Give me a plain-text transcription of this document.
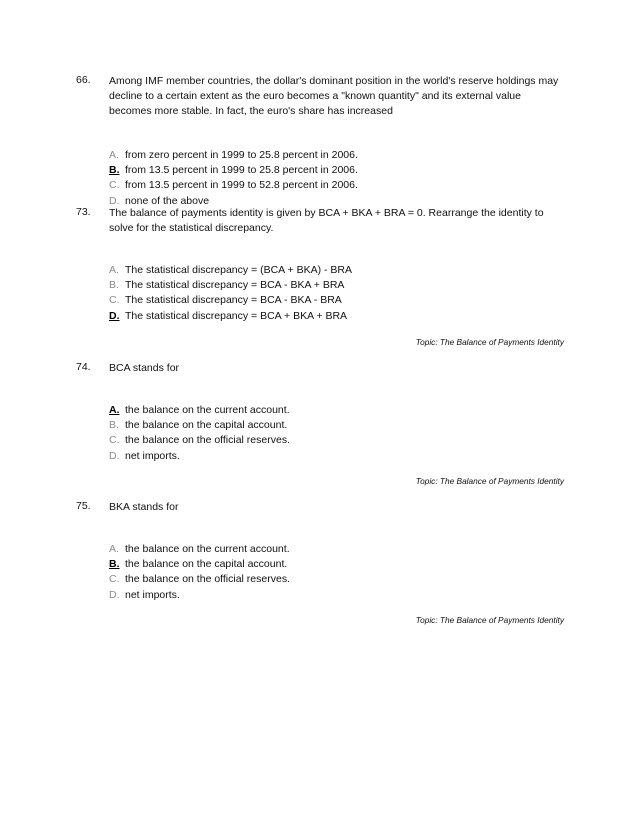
66. Among IMF member countries, the dollar's dominant position in the world's reserve holdings may
decline to a certain extent as the euro becomes a "known quantity" and its external value
becomes more stable. In fact, the euro's share has increased
A. from zero percent in 1999 to 25.8 percent in 2006.
B. from 13.5 percent in 1999 to 25.8 percent in 2006.
C. from 13.5 percent in 1999 to 52.8 percent in 2006.
D. none of the above
73. The balance of payments identity is given by BCA + BKA + BRA = 0. Rearrange the identity to
solve for the statistical discrepancy.
A. The statistical discrepancy = (BCA + BKA) - BRA
B. The statistical discrepancy = BCA - BKA + BRA
C. The statistical discrepancy = BCA - BKA - BRA
D. The statistical discrepancy = BCA + BKA + BRA
Topic: The Balance of Payments Identity
74. BCA stands for
A. the balance on the current account.
B. the balance on the capital account.
C. the balance on the official reserves.
D. net imports.
Topic: The Balance of Payments Identity
75. BKA stands for
A. the balance on the current account.
B. the balance on the capital account.
C. the balance on the official reserves.
D. net imports.
Topic: The Balance of Payments Identity
